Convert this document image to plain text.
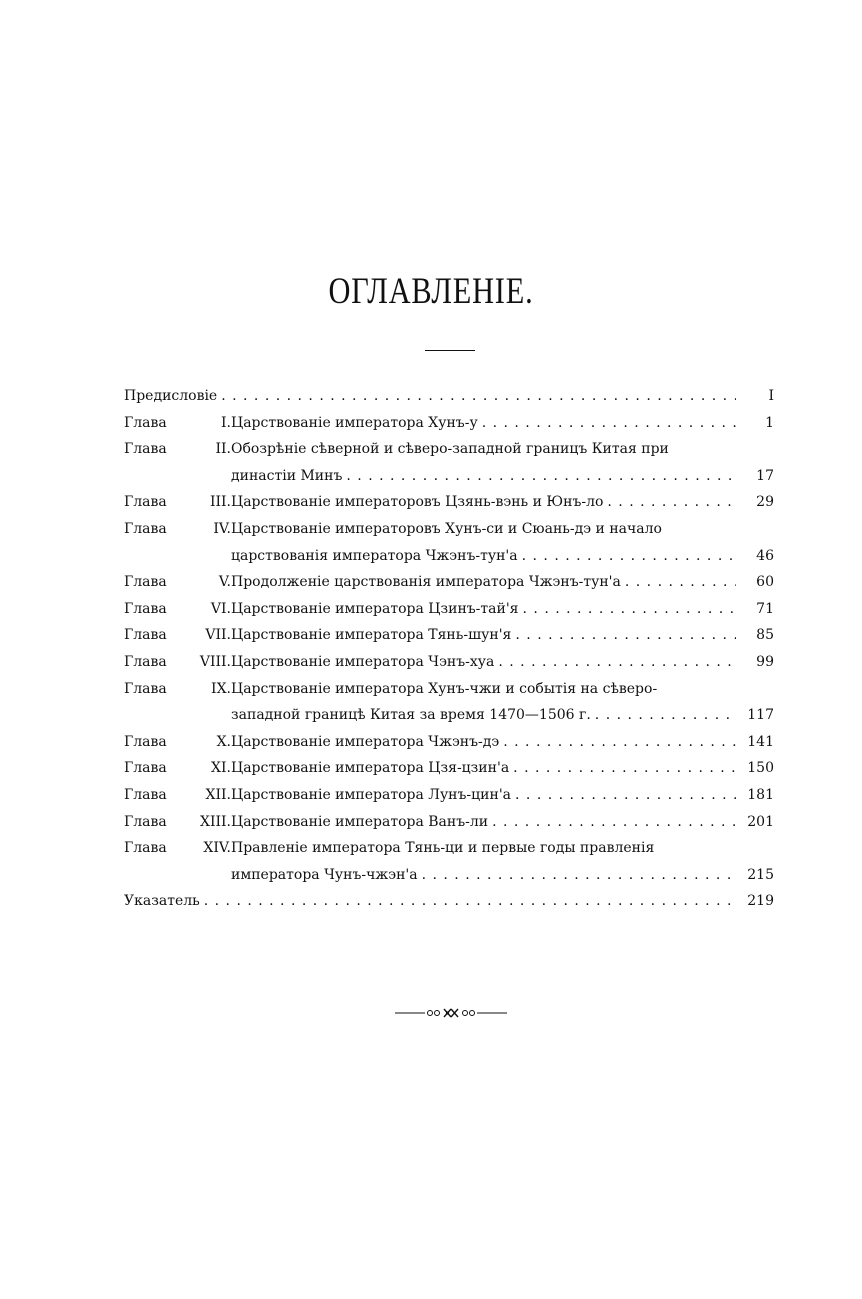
ОГЛАВЛЕНІЕ.
Предисловіе . .	I
Глава	I. Царствованіе императора Хунъ-у . .	1
Глава	II. Обозрѣніе сѣверной и сѣверо-западной границъ Китая при
династіи Минъ . .	17
Глава	III. Царствованіе императоровъ Цзянь-вэнь и Юнъ-ло . .	29
Глава	IV. Царствованіе императоровъ Хунъ-си и Сюань-дэ и начало
царствованія императора Чжэнъ-тун'а . .	46
Глава	V. Продолженіе царствованія императора Чжэнъ-тун'а . .	60
Глава	VI. Царствованіе императора Цзинъ-тай'я . .	71
Глава	VII. Царствованіе императора Тянь-шун'я . .	85
Глава VIII. Царствованіе императора Чэнъ-хуа . .	99
Глава	IX. Царствованіе императора Хунъ-чжи и событія на сѣверо-
западной границѣ Китая за время 1470—1506 г. . .	117
Глава	X. Царствованіе императора Чжэнъ-дэ . .	141
Глава	XI. Царствованіе императора Цзя-цзин'а . .	150
Глава	XII. Царствованіе императора Лунъ-цин'а . .	181
Глава XIII. Царствованіе императора Ванъ-ли . .	201
Глава	XIV. Правленіе императора Тянь-ци и первые годы правленія
императора Чунъ-чжэн'а . .	215
Указатель . .	219
